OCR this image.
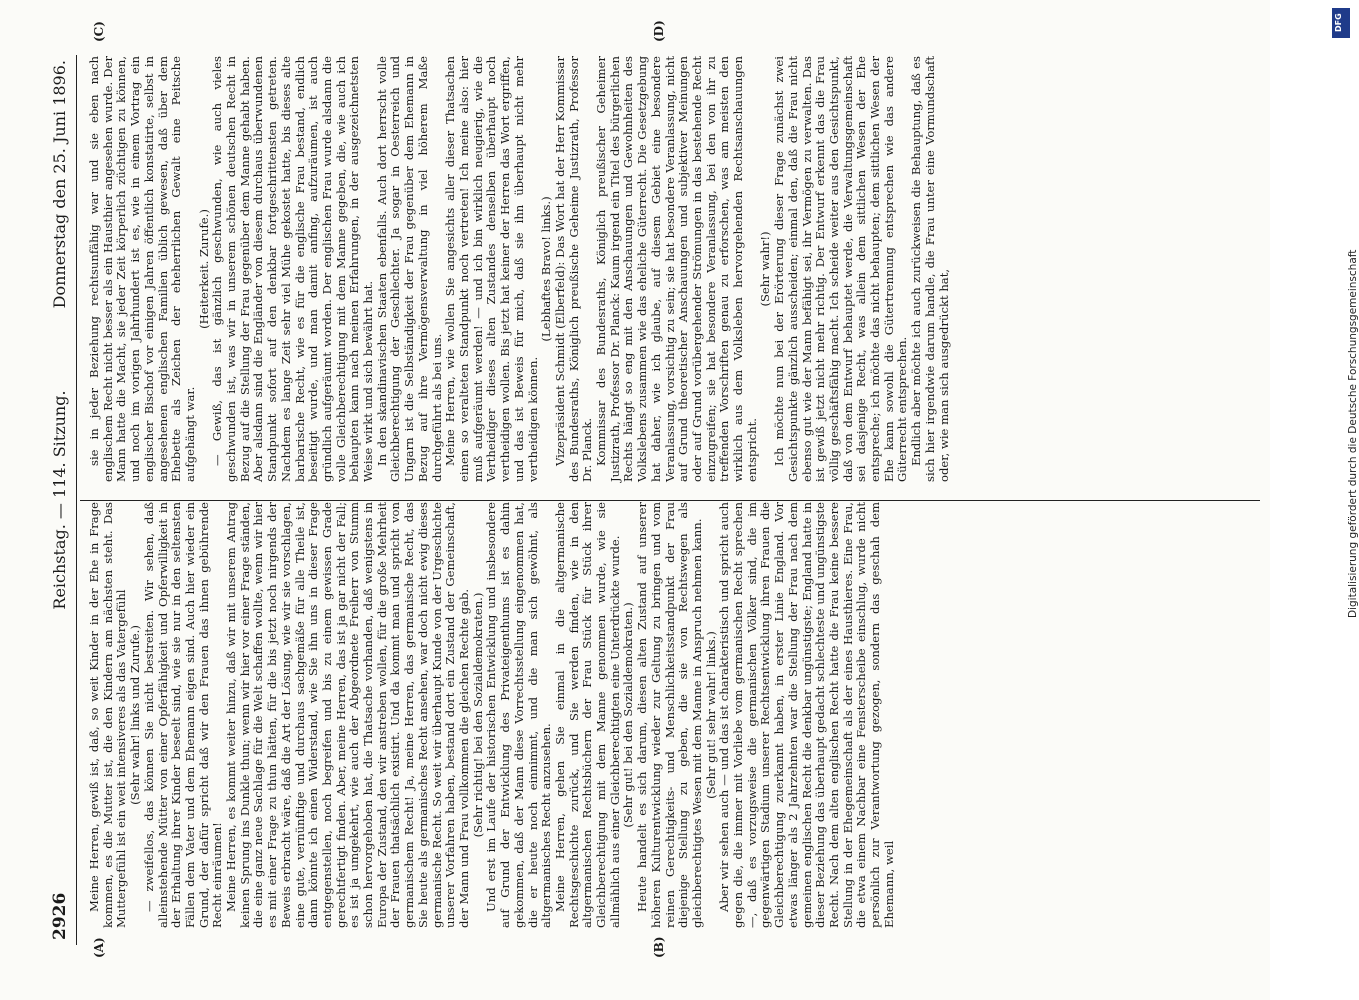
2926
Reichstag. — 114. Sitzung.
Donnerstag den 25. Juni 1896.
(A)	(B)
(C)	(D)

Meine Herren, gewiß ist, daß, so weit Kinder in der Ehe in Frage kommen, es die Mutter ist, die den Kindern am nächsten steht. Das Muttergefühl ist ein weit intensiveres als das Vatergefühl (Sehr wahr! links und Zurufe.) — zweifellos, das können Sie nicht bestreiten. Wir sehen, daß alleinstehende Mütter von einer Opferfähigkeit und Opferwilligkeit in der Erhaltung ihrer Kinder beseelt sind, wie sie nur in den seltensten Fällen dem Vater und dem Ehemann eigen sind. Auch hier wieder ein Grund, der dafür spricht daß wir den Frauen das ihnen gebührende Recht einräumen! Meine Herren, es kommt weiter hinzu, daß wir mit unserem Antrag keinen Sprung ins Dunkle thun; wenn wir hier vor einer Frage ständen, die eine ganz neue Sachlage für die Welt schaffen wollte, wenn wir hier es mit einer Frage zu thun hätten, für die bis jetzt noch nirgends der Beweis erbracht wäre, daß die Art der Lösung, wie wir sie vorschlagen, eine gute, vernünftige und durchaus sachgemäße für alle Theile ist, dann könnte ich einen Widerstand, wie Sie ihn uns in dieser Frage entgegenstellen, noch begreifen und bis zu einem gewissen Grade gerechtfertigt finden. Aber, meine Herren, das ist ja gar nicht der Fall; es ist ja umgekehrt, wie auch der Abgeordnete Freiherr von Stumm schon hervorgehoben hat, die Thatsache vorhanden, daß wenigstens in Europa der Zustand, den wir anstreben wollen, für die große Mehrheit der Frauen thatsächlich existirt. Und da kommt man und spricht von germanischem Recht! Ja, meine Herren, das germanische Recht, das Sie heute als germanisches Recht ansehen, war doch nicht ewig dieses germanische Recht. So weit wir überhaupt Kunde von der Urgeschichte unserer Vorfahren haben, bestand dort ein Zustand der Gemeinschaft, der Mann und Frau vollkommen die gleichen Rechte gab. (Sehr richtig! bei den Sozialdemokraten.) Und erst im Laufe der historischen Entwicklung und insbesondere auf Grund der Entwicklung des Privateigenthums ist es dahin gekommen, daß der Mann diese Vorrechtsstellung eingenommen hat, die er heute noch einnimmt, und die man sich gewöhnt, als altgermanisches Recht anzusehen. Meine Herren, gehen Sie einmal in die altgermanische Rechtsgeschichte zurück, und Sie werden finden, wie in den altgermanischen Rechtsbüchern der Frau Stück für Stück ihrer Gleichberechtigung mit dem Manne genommen wurde, wie sie allmählich aus einer Gleichberechtigten eine Unterdrückte wurde. (Sehr gut! bei den Sozialdemokraten.) Heute handelt es sich darum, diesen alten Zustand auf unserer höheren Kulturentwicklung wieder zur Geltung zu bringen und vom reinen Gerechtigkeits- und Menschlichkeitsstandpunkt der Frau diejenige Stellung zu geben, die sie von Rechtswegen als gleichberechtigtes Wesen mit dem Manne in Anspruch nehmen kann. (Sehr gut! sehr wahr! links.) Aber wir sehen auch — und das ist charakteristisch und spricht auch gegen die, die immer mit Vorliebe vom germanischen Recht sprechen —, daß es vorzugsweise die germanischen Völker sind, die im gegenwärtigen Stadium unserer Rechtsentwicklung ihren Frauen die Gleichberechtigung zuerkannt haben, in erster Linie England. Vor etwas länger als 2 Jahrzehnten war die Stellung der Frau nach dem gemeinen englischen Recht die denkbar ungünstigste; England hatte in dieser Beziehung das überhaupt gedacht schlechteste und ungünstigste Recht. Nach dem alten englischen Recht hatte die Frau keine bessere Stellung in der Ehegemeinschaft als der eines Hausthieres. Eine Frau, die etwa einem Nachbar eine Fensterscheibe einschlug, wurde nicht persönlich zur Verantwortung gezogen, sondern das geschah dem Ehemann, weil

sie in jeder Beziehung rechtsunfähig war und sie eben nach englischem Recht nicht besser als ein Hausthier angesehen wurde. Der Mann hatte die Macht, sie jeder Zeit körperlich züchtigen zu können, und noch im vorigen Jahrhundert ist es, wie in einem Vortrag ein englischer Bischof vor einigen Jahren öffentlich konstatirte, selbst in angesehenen englischen Familien üblich gewesen, daß über dem Ehebette als Zeichen der eheherrlichen Gewalt eine Peitsche aufgehängt war.

(Heiterkeit. Zurufe.) — Gewiß, das ist gänzlich geschwunden, wie auch vieles geschwunden ist, was wir in unserem schönen deutschen Recht in Bezug auf die Stellung der Frau gegenüber dem Manne gehabt haben. Aber alsdann sind die Engländer von diesem durchaus überwundenen Standpunkt sofort auf den denkbar fortgeschrittensten getreten. Nachdem es lange Zeit sehr viel Mühe gekostet hatte, bis dieses alte barbarische Recht, wie es für die englische Frau bestand, endlich beseitigt wurde, und man damit anfing, aufzuräumen, ist auch gründlich aufgeräumt worden. Der englischen Frau wurde alsdann die volle Gleichberechtigung mit dem Manne gegeben, die, wie auch ich behaupten kann nach meinen Erfahrungen, in der ausgezeichnetsten Weise wirkt und sich bewährt hat. In den skandinavischen Staaten ebenfalls. Auch dort herrscht volle Gleichberechtigung der Geschlechter. Ja sogar in Oesterreich und Ungarn ist die Selbständigkeit der Frau gegenüber dem Ehemann in Bezug auf ihre Vermögensverwaltung in viel höherem Maße durchgeführt als bei uns. Meine Herren, wie wollen Sie angesichts aller dieser Thatsachen einen so veralteten Standpunkt noch vertreten! Ich meine also: hier muß aufgeräumt werden! — und ich bin wirklich neugierig, wie die Vertheidiger dieses alten Zustandes denselben überhaupt noch vertheidigen wollen. Bis jetzt hat keiner der Herren das Wort ergriffen, und das ist Beweis für mich, daß sie ihn überhaupt nicht mehr vertheidigen können.

(Lebhaftes Bravo! links.) Vizepräsident Schmidt (Elberfeld): Das Wort hat der Herr Kommissar des Bundesraths, Königlich preußische Geheime Justizrath, Professor Dr. Planck. Kommissar des Bundesraths, Königlich preußischer Geheimer Justizrath, Professor Dr. Planck: Kaum irgend ein Titel des bürgerlichen Rechts hängt so eng mit den Anschauungen und Gewohnheiten des Volkslebens zusammen wie das eheliche Güterrecht. Die Gesetzgebung hat daher, wie ich glaube, auf diesem Gebiet eine besondere Veranlassung, vorsichtig zu sein; sie hat besondere Veranlassung, nicht auf Grund theoretischer Anschauungen und subjektiver Meinungen oder auf Grund vorübergehender Strömungen in das bestehende Recht einzugreifen; sie hat besondere Veranlassung, bei den von ihr zu treffenden Vorschriften genau zu erforschen, was am meisten den wirklich aus dem Volksleben hervorgehenden Rechtsanschauungen entspricht.

(Sehr wahr!) Ich möchte nun bei der Erörterung dieser Frage zunächst zwei Gesichtspunkte gänzlich ausscheiden; einmal den, daß die Frau nicht ebenso gut wie der Mann befähigt sei, ihr Vermögen zu verwalten. Das ist gewiß jetzt nicht mehr richtig. Der Entwurf erkennt das die Frau völlig geschäftsfähig macht. Ich scheide weiter aus den Gesichtspunkt, daß von dem Entwurf behauptet werde, die Verwaltungsgemeinschaft sei dasjenige Recht, was allein dem sittlichen Wesen der Ehe entspreche; ich möchte das nicht behaupten; dem sittlichen Wesen der Ehe kann sowohl die Gütertrennung entsprechen wie das andere Güterrecht entsprechen. Endlich aber möchte ich auch zurückweisen die Behauptung, daß es sich hier irgendwie darum handle, die Frau unter eine Vormundschaft oder, wie man sich ausgedrückt hat,

DFG
Digitalisierung gefördert durch die Deutsche Forschungsgemeinschaft
